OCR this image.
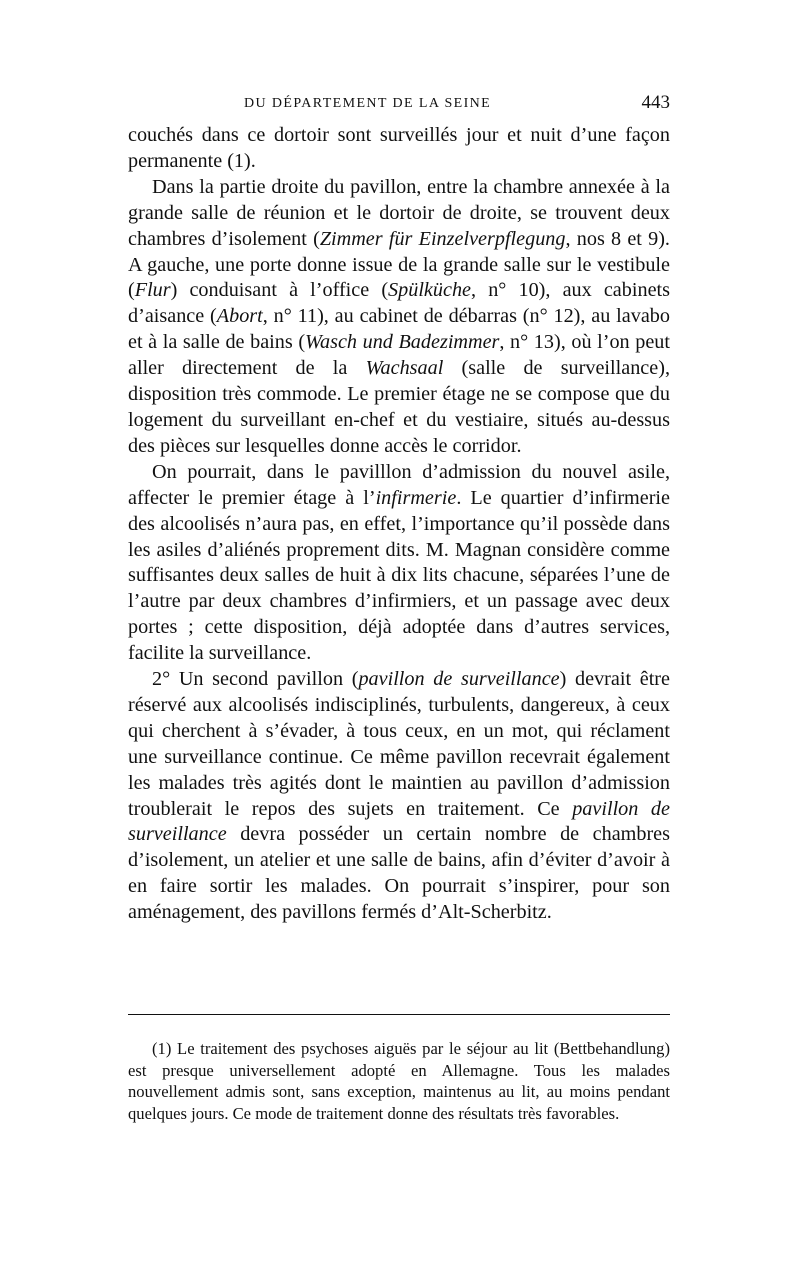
DU DÉPARTEMENT DE LA SEINE	443

couchés dans ce dortoir sont surveillés jour et nuit d’une façon permanente (1).

Dans la partie droite du pavillon, entre la chambre annexée à la grande salle de réunion et le dortoir de droite, se trouvent deux chambres d’isolement (Zimmer für Einzelverpflegung, nos 8 et 9). A gauche, une porte donne issue de la grande salle sur le vestibule (Flur) conduisant à l’office (Spülküche, n° 10), aux cabinets d’aisance (Abort, n° 11), au cabinet de débarras (n° 12), au lavabo et à la salle de bains (Wasch und Badezimmer, n° 13), où l’on peut aller directement de la Wachsaal (salle de surveillance), disposition très commode. Le premier étage ne se compose que du logement du surveillant en-chef et du vestiaire, situés au-dessus des pièces sur lesquelles donne accès le corridor.

On pourrait, dans le pavilllon d’admission du nouvel asile, affecter le premier étage à l’infirmerie. Le quartier d’infirmerie des alcoolisés n’aura pas, en effet, l’importance qu’il possède dans les asiles d’aliénés proprement dits. M. Magnan considère comme suffisantes deux salles de huit à dix lits chacune, séparées l’une de l’autre par deux chambres d’infirmiers, et un passage avec deux portes ; cette disposition, déjà adoptée dans d’autres services, facilite la surveillance.

2° Un second pavillon (pavillon de surveillance) devrait être réservé aux alcoolisés indisciplinés, turbulents, dangereux, à ceux qui cherchent à s’évader, à tous ceux, en un mot, qui réclament une surveillance continue. Ce même pavillon recevrait également les malades très agités dont le maintien au pavillon d’admission troublerait le repos des sujets en traitement. Ce pavillon de surveillance devra posséder un certain nombre de chambres d’isolement, un atelier et une salle de bains, afin d’éviter d’avoir à en faire sortir les malades. On pourrait s’inspirer, pour son aménagement, des pavillons fermés d’Alt-Scherbitz.

(1) Le traitement des psychoses aiguës par le séjour au lit (Bettbehandlung) est presque universellement adopté en Allemagne. Tous les malades nouvellement admis sont, sans exception, maintenus au lit, au moins pendant quelques jours. Ce mode de traitement donne des résultats très favorables.
